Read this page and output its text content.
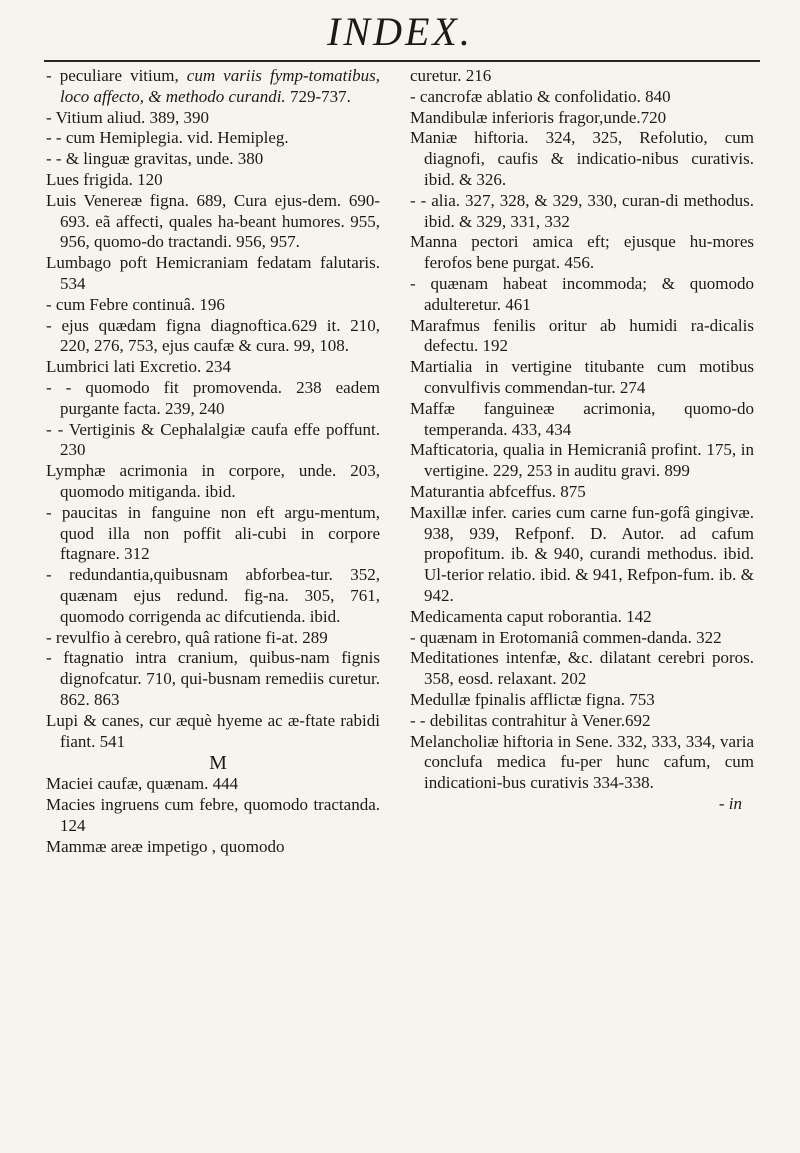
INDEX.

- peculiare vitium, cum variis fymp-tomatibus, loco affecto, & methodo curandi. 729-737.

- Vitium aliud. 389, 390

- - cum Hemiplegia. vid. Hemipleg.

- - & linguæ gravitas, unde. 380

Lues frigida. 120

Luis Venereæ figna. 689, Cura ejus-dem. 690-693. eã affecti, quales ha-beant humores. 955, 956, quomo-do tractandi. 956, 957.

Lumbago poft Hemicraniam fedatam falutaris. 534

- cum Febre continuâ. 196

- ejus quædam figna diagnoftica.629 it. 210, 220, 276, 753, ejus caufæ & cura. 99, 108.

Lumbrici lati Excretio. 234

- - quomodo fit promovenda. 238 eadem purgante facta. 239, 240

- - Vertiginis & Cephalalgiæ caufa effe poffunt. 230

Lymphæ acrimonia in corpore, unde. 203, quomodo mitiganda. ibid.

- paucitas in fanguine non eft argu-mentum, quod illa non poffit ali-cubi in corpore ftagnare. 312

- redundantia,quibusnam abforbea-tur. 352, quænam ejus redund. fig-na. 305, 761, quomodo corrigenda ac difcutienda. ibid.

- revulfio à cerebro, quâ ratione fi-at. 289

- ftagnatio intra cranium, quibus-nam fignis dignofcatur. 710, qui-busnam remediis curetur. 862. 863

Lupi & canes, cur æquè hyeme ac æ-ftate rabidi fiant. 541

M

Maciei caufæ, quænam. 444

Macies ingruens cum febre, quomodo tractanda. 124

Mammæ areæ impetigo , quomodo

curetur. 216

- cancrofæ ablatio & confolidatio. 840

Mandibulæ inferioris fragor,unde.720

Maniæ hiftoria. 324, 325, Refolutio, cum diagnofi, caufis & indicatio-nibus curativis. ibid. & 326.

- - alia. 327, 328, & 329, 330, curan-di methodus. ibid. & 329, 331, 332

Manna pectori amica eft; ejusque hu-mores ferofos bene purgat. 456.

- quænam habeat incommoda; & quomodo adulteretur. 461

Marafmus fenilis oritur ab humidi ra-dicalis defectu. 192

Martialia in vertigine titubante cum motibus convulfivis commendan-tur. 274

Maffæ fanguineæ acrimonia, quomo-do temperanda. 433, 434

Mafticatoria, qualia in Hemicraniâ profint. 175, in vertigine. 229, 253 in auditu gravi. 899

Maturantia abfceffus. 875

Maxillæ infer. caries cum carne fun-gofâ gingivæ. 938, 939, Refponf. D. Autor. ad cafum propofitum. ib. & 940, curandi methodus. ibid. Ul-terior relatio. ibid. & 941, Refpon-fum. ib. & 942.

Medicamenta caput roborantia. 142

- quænam in Erotomaniâ commen-danda. 322

Meditationes intenfæ, &c. dilatant cerebri poros. 358, eosd. relaxant. 202

Medullæ fpinalis afflictæ figna. 753

- - debilitas contrahitur à Vener.692

Melancholiæ hiftoria in Sene. 332, 333, 334, varia conclufa medica fu-per hunc cafum, cum indicationi-bus curativis 334-338.

- in
